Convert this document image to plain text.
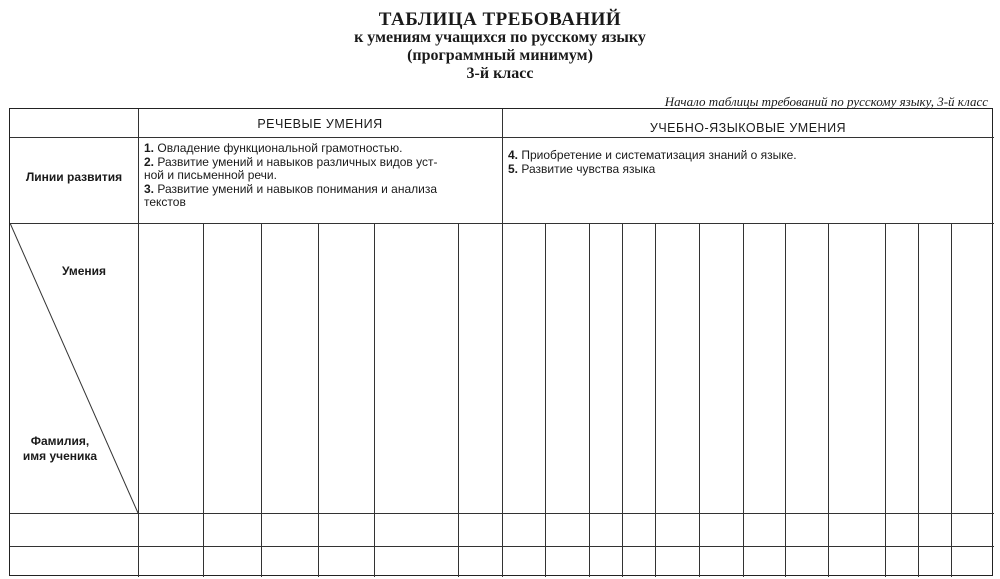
ТАБЛИЦА ТРЕБОВАНИЙ
к умениям учащихся по русскому языку
(программный минимум)
3-й класс
Начало таблицы требований по русскому языку, 3-й класс
РЕЧЕВЫЕ УМЕНИЯ	УЧЕБНО-ЯЗЫКОВЫЕ УМЕНИЯ
Линии развития
1. Овладение функциональной грамотностью.
2. Развитие умений и навыков различных видов уст-
ной и письменной речи.
3. Развитие умений и навыков понимания и анализа
текстов
4. Приобретение и систематизация знаний о языке.
5. Развитие чувства языка
Умения
Фамилия,
имя ученика
